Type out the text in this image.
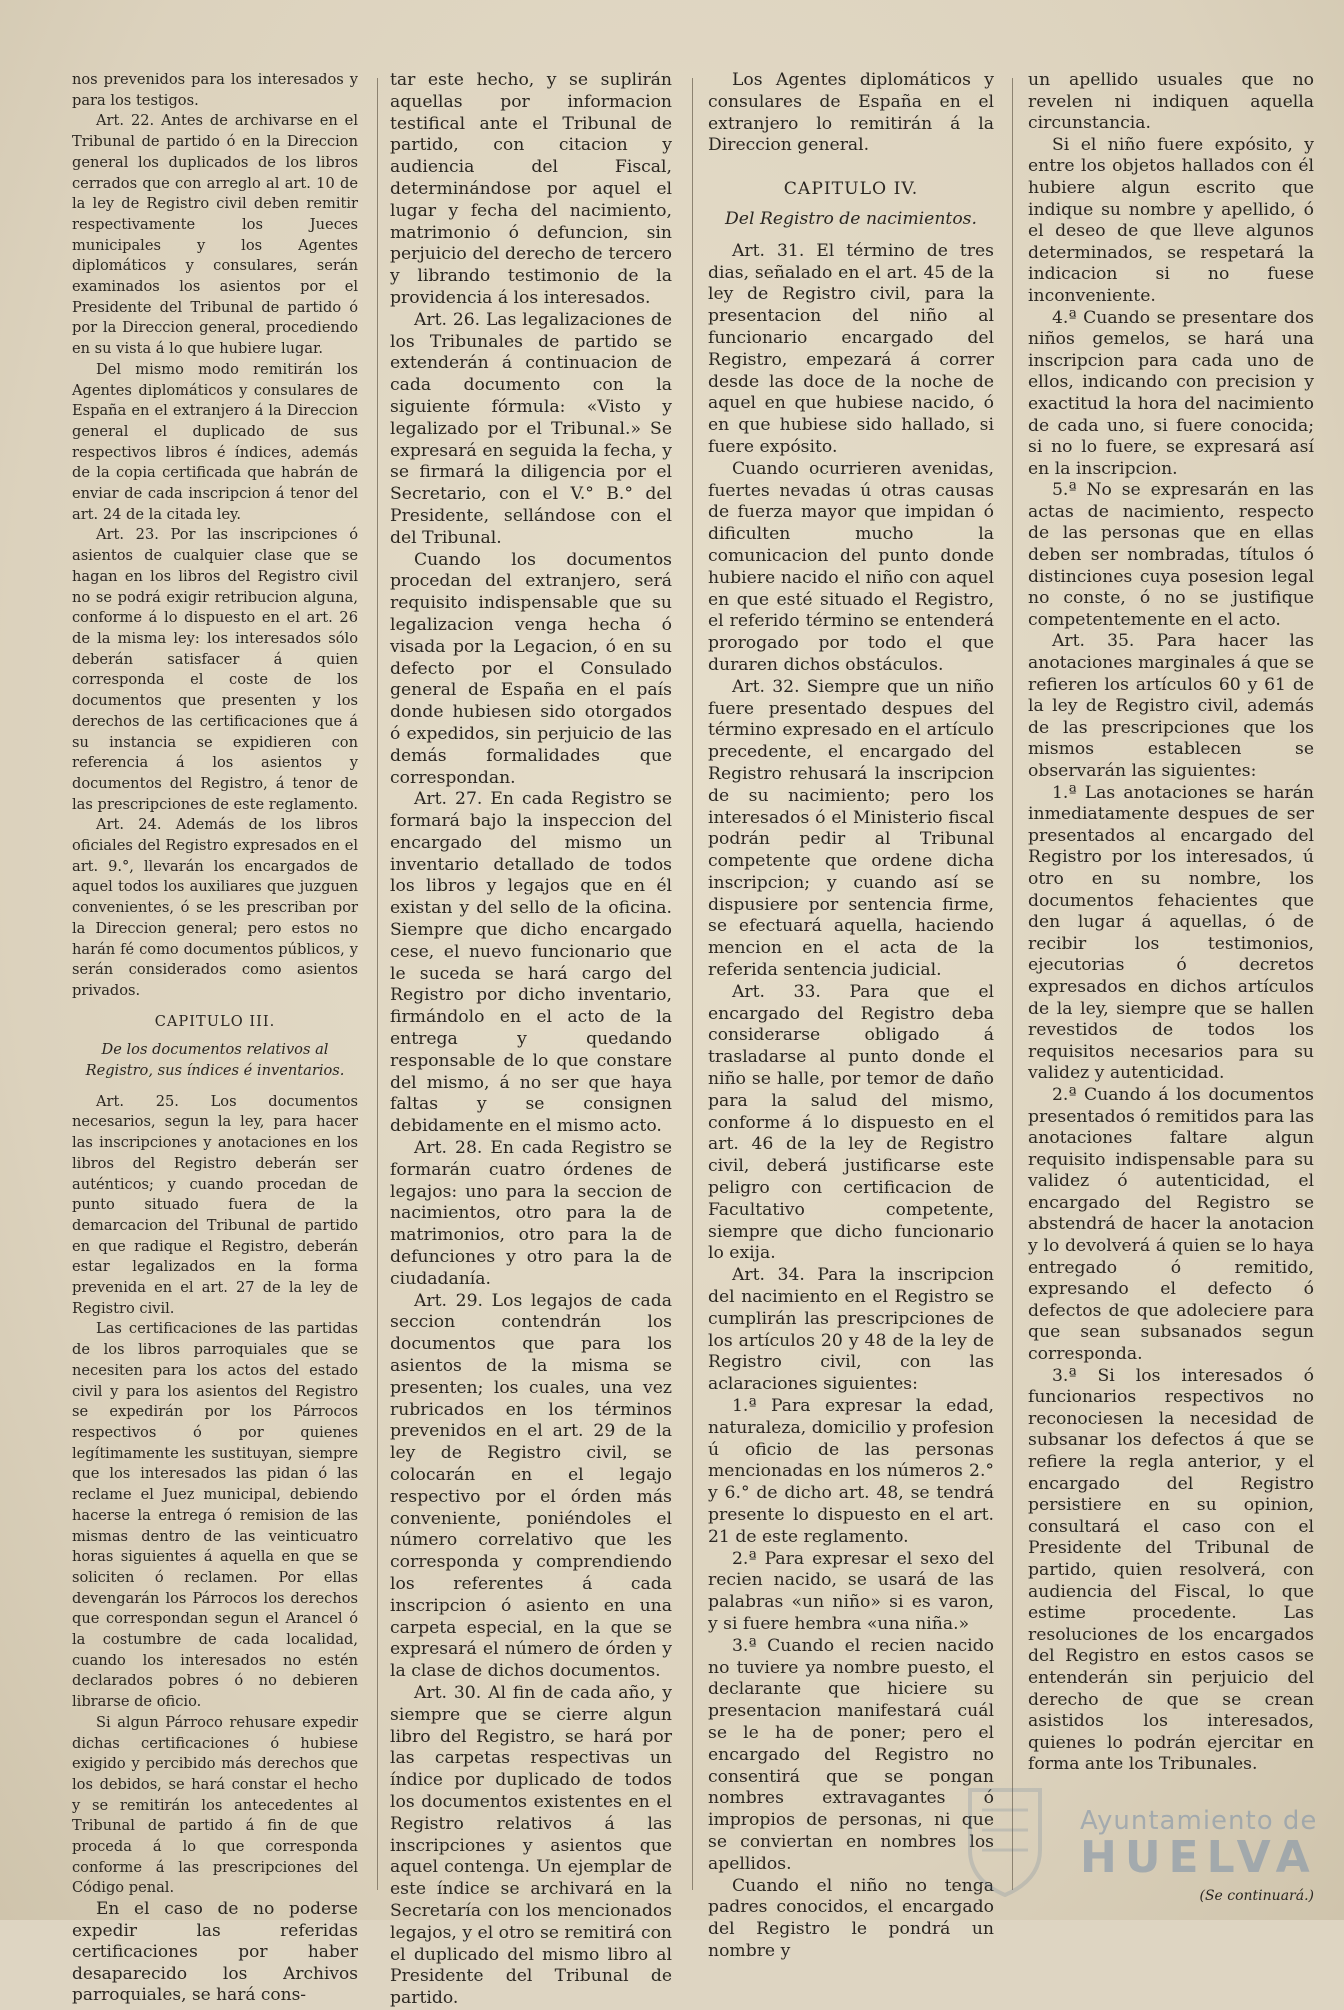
nos prevenidos para los interesados y para los testigos.

Art. 22. Antes de archivarse en el Tribunal de partido ó en la Direccion general los duplicados de los libros cerrados que con arreglo al art. 10 de la ley de Registro civil deben remitir respectivamente los Jueces municipales y los Agentes diplomáticos y consulares, serán examinados los asientos por el Presidente del Tribunal de partido ó por la Direccion general, procediendo en su vista á lo que hubiere lugar.

Del mismo modo remitirán los Agentes diplomáticos y consulares de España en el extranjero á la Direccion general el duplicado de sus respectivos libros é índices, además de la copia certificada que habrán de enviar de cada inscripcion á tenor del art. 24 de la citada ley.

Art. 23. Por las inscripciones ó asientos de cualquier clase que se hagan en los libros del Registro civil no se podrá exigir retribucion alguna, conforme á lo dispuesto en el art. 26 de la misma ley: los interesados sólo deberán satisfacer á quien corresponda el coste de los documentos que presenten y los derechos de las certificaciones que á su instancia se expidieren con referencia á los asientos y documentos del Registro, á tenor de las prescripciones de este reglamento.

Art. 24. Además de los libros oficiales del Registro expresados en el art. 9.°, llevarán los encargados de aquel todos los auxiliares que juzguen convenientes, ó se les prescriban por la Direccion general; pero estos no harán fé como documentos públicos, y serán considerados como asientos privados.

CAPITULO III.

De los documentos relativos al Registro, sus índices é inventarios.

Art. 25. Los documentos necesarios, segun la ley, para hacer las inscripciones y anotaciones en los libros del Registro deberán ser auténticos; y cuando procedan de punto situado fuera de la demarcacion del Tribunal de partido en que radique el Registro, deberán estar legalizados en la forma prevenida en el art. 27 de la ley de Registro civil.

Las certificaciones de las partidas de los libros parroquiales que se necesiten para los actos del estado civil y para los asientos del Registro se expedirán por los Párrocos respectivos ó por quienes legítimamente les sustituyan, siempre que los interesados las pidan ó las reclame el Juez municipal, debiendo hacerse la entrega ó remision de las mismas dentro de las veinticuatro horas siguientes á aquella en que se soliciten ó reclamen. Por ellas devengarán los Párrocos los derechos que correspondan segun el Arancel ó la costumbre de cada localidad, cuando los interesados no estén declarados pobres ó no debieren librarse de oficio.

Si algun Párroco rehusare expedir dichas certificaciones ó hubiese exigido y percibido más derechos que los debidos, se hará constar el hecho y se remitirán los antecedentes al Tribunal de partido á fin de que proceda á lo que corresponda conforme á las prescripciones del Código penal.

En el caso de no poderse expedir las referidas certificaciones por haber desaparecido los Archivos parroquiales, se hará cons-

tar este hecho, y se suplirán aquellas por informacion testifical ante el Tribunal de partido, con citacion y audiencia del Fiscal, determinándose por aquel el lugar y fecha del nacimiento, matrimonio ó defuncion, sin perjuicio del derecho de tercero y librando testimonio de la providencia á los interesados.

Art. 26. Las legalizaciones de los Tribunales de partido se extenderán á continuacion de cada documento con la siguiente fórmula: «Visto y legalizado por el Tribunal.» Se expresará en seguida la fecha, y se firmará la diligencia por el Secretario, con el V.° B.° del Presidente, sellándose con el del Tribunal.

Cuando los documentos procedan del extranjero, será requisito indispensable que su legalizacion venga hecha ó visada por la Legacion, ó en su defecto por el Consulado general de España en el país donde hubiesen sido otorgados ó expedidos, sin perjuicio de las demás formalidades que correspondan.

Art. 27. En cada Registro se formará bajo la inspeccion del encargado del mismo un inventario detallado de todos los libros y legajos que en él existan y del sello de la oficina. Siempre que dicho encargado cese, el nuevo funcionario que le suceda se hará cargo del Registro por dicho inventario, firmándolo en el acto de la entrega y quedando responsable de lo que constare del mismo, á no ser que haya faltas y se consignen debidamente en el mismo acto.

Art. 28. En cada Registro se formarán cuatro órdenes de legajos: uno para la seccion de nacimientos, otro para la de matrimonios, otro para la de defunciones y otro para la de ciudadanía.

Art. 29. Los legajos de cada seccion contendrán los documentos que para los asientos de la misma se presenten; los cuales, una vez rubricados en los términos prevenidos en el art. 29 de la ley de Registro civil, se colocarán en el legajo respectivo por el órden más conveniente, poniéndoles el número correlativo que les corresponda y comprendiendo los referentes á cada inscripcion ó asiento en una carpeta especial, en la que se expresará el número de órden y la clase de dichos documentos.

Art. 30. Al fin de cada año, y siempre que se cierre algun libro del Registro, se hará por las carpetas respectivas un índice por duplicado de todos los documentos existentes en el Registro relativos á las inscripciones y asientos que aquel contenga. Un ejemplar de este índice se archivará en la Secretaría con los mencionados legajos, y el otro se remitirá con el duplicado del mismo libro al Presidente del Tribunal de partido.

Los Agentes diplomáticos y consulares de España en el extranjero lo remitirán á la Direccion general.

CAPITULO IV.

Del Registro de nacimientos.

Art. 31. El término de tres dias, señalado en el art. 45 de la ley de Registro civil, para la presentacion del niño al funcionario encargado del Registro, empezará á correr desde las doce de la noche de aquel en que hubiese nacido, ó en que hubiese sido hallado, si fuere expósito.

Cuando ocurrieren avenidas, fuertes nevadas ú otras causas de fuerza mayor que impidan ó dificulten mucho la comunicacion del punto donde hubiere nacido el niño con aquel en que esté situado el Registro, el referido término se entenderá prorogado por todo el que duraren dichos obstáculos.

Art. 32. Siempre que un niño fuere presentado despues del término expresado en el artículo precedente, el encargado del Registro rehusará la inscripcion de su nacimiento; pero los interesados ó el Ministerio fiscal podrán pedir al Tribunal competente que ordene dicha inscripcion; y cuando así se dispusiere por sentencia firme, se efectuará aquella, haciendo mencion en el acta de la referida sentencia judicial.

Art. 33. Para que el encargado del Registro deba considerarse obligado á trasladarse al punto donde el niño se halle, por temor de daño para la salud del mismo, conforme á lo dispuesto en el art. 46 de la ley de Registro civil, deberá justificarse este peligro con certificacion de Facultativo competente, siempre que dicho funcionario lo exija.

Art. 34. Para la inscripcion del nacimiento en el Registro se cumplirán las prescripciones de los artículos 20 y 48 de la ley de Registro civil, con las aclaraciones siguientes:

1.ª Para expresar la edad, naturaleza, domicilio y profesion ú oficio de las personas mencionadas en los números 2.° y 6.° de dicho art. 48, se tendrá presente lo dispuesto en el art. 21 de este reglamento.

2.ª Para expresar el sexo del recien nacido, se usará de las palabras «un niño» si es varon, y si fuere hembra «una niña.»

3.ª Cuando el recien nacido no tuviere ya nombre puesto, el declarante que hiciere su presentacion manifestará cuál se le ha de poner; pero el encargado del Registro no consentirá que se pongan nombres extravagantes ó impropios de personas, ni que se conviertan en nombres los apellidos.

Cuando el niño no tenga padres conocidos, el encargado del Registro le pondrá un nombre y

un apellido usuales que no revelen ni indiquen aquella circunstancia.

Si el niño fuere expósito, y entre los objetos hallados con él hubiere algun escrito que indique su nombre y apellido, ó el deseo de que lleve algunos determinados, se respetará la indicacion si no fuese inconveniente.

4.ª Cuando se presentare dos niños gemelos, se hará una inscripcion para cada uno de ellos, indicando con precision y exactitud la hora del nacimiento de cada uno, si fuere conocida; si no lo fuere, se expresará así en la inscripcion.

5.ª No se expresarán en las actas de nacimiento, respecto de las personas que en ellas deben ser nombradas, títulos ó distinciones cuya posesion legal no conste, ó no se justifique competentemente en el acto.

Art. 35. Para hacer las anotaciones marginales á que se refieren los artículos 60 y 61 de la ley de Registro civil, además de las prescripciones que los mismos establecen se observarán las siguientes:

1.ª Las anotaciones se harán inmediatamente despues de ser presentados al encargado del Registro por los interesados, ú otro en su nombre, los documentos fehacientes que den lugar á aquellas, ó de recibir los testimonios, ejecutorias ó decretos expresados en dichos artículos de la ley, siempre que se hallen revestidos de todos los requisitos necesarios para su validez y autenticidad.

2.ª Cuando á los documentos presentados ó remitidos para las anotaciones faltare algun requisito indispensable para su validez ó autenticidad, el encargado del Registro se abstendrá de hacer la anotacion y lo devolverá á quien se lo haya entregado ó remitido, expresando el defecto ó defectos de que adoleciere para que sean subsanados segun corresponda.

3.ª Si los interesados ó funcionarios respectivos no reconociesen la necesidad de subsanar los defectos á que se refiere la regla anterior, y el encargado del Registro persistiere en su opinion, consultará el caso con el Presidente del Tribunal de partido, quien resolverá, con audiencia del Fiscal, lo que estime procedente. Las resoluciones de los encargados del Registro en estos casos se entenderán sin perjuicio del derecho de que se crean asistidos los interesados, quienes lo podrán ejercitar en forma ante los Tribunales.

(Se continuará.)

Ayuntamiento de
HUELVA
